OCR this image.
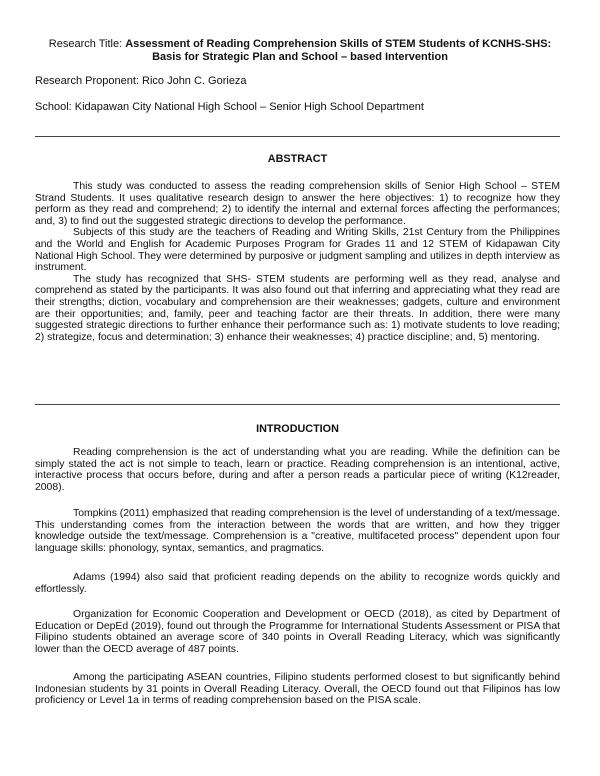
Research Title: Assessment of Reading Comprehension Skills of STEM Students of KCNHS-SHS: Basis for Strategic Plan and School – based Intervention
Research Proponent: Rico John C. Gorieza
School: Kidapawan City National High School – Senior High School Department
ABSTRACT

This study was conducted to assess the reading comprehension skills of Senior High School – STEM Strand Students. It uses qualitative research design to answer the here objectives: 1) to recognize how they perform as they read and comprehend; 2) to identify the internal and external forces affecting the performances; and, 3) to find out the suggested strategic directions to develop the performance.

Subjects of this study are the teachers of Reading and Writing Skills, 21st Century from the Philippines and the World and English for Academic Purposes Program for Grades 11 and 12 STEM of Kidapawan City National High School. They were determined by purposive or judgment sampling and utilizes in depth interview as instrument.

The study has recognized that SHS- STEM students are performing well as they read, analyse and comprehend as stated by the participants. It was also found out that inferring and appreciating what they read are their strengths; diction, vocabulary and comprehension are their weaknesses; gadgets, culture and environment are their opportunities; and, family, peer and teaching factor are their threats. In addition, there were many suggested strategic directions to further enhance their performance such as: 1) motivate students to love reading; 2) strategize, focus and determination; 3) enhance their weaknesses; 4) practice discipline; and, 5) mentoring.

INTRODUCTION

Reading comprehension is the act of understanding what you are reading. While the definition can be simply stated the act is not simple to teach, learn or practice. Reading comprehension is an intentional, active, interactive process that occurs before, during and after a person reads a particular piece of writing (K12reader, 2008).

Tompkins (2011) emphasized that reading comprehension is the level of understanding of a text/message. This understanding comes from the interaction between the words that are written, and how they trigger knowledge outside the text/message. Comprehension is a "creative, multifaceted process" dependent upon four language skills: phonology, syntax, semantics, and pragmatics.

Adams (1994) also said that proficient reading depends on the ability to recognize words quickly and effortlessly.

Organization for Economic Cooperation and Development or OECD (2018), as cited by Department of Education or DepEd (2019), found out through the Programme for International Students Assessment or PISA that Filipino students obtained an average score of 340 points in Overall Reading Literacy, which was significantly lower than the OECD average of 487 points.

Among the participating ASEAN countries, Filipino students performed closest to but significantly behind Indonesian students by 31 points in Overall Reading Literacy. Overall, the OECD found out that Filipinos has low proficiency or Level 1a in terms of reading comprehension based on the PISA scale.
